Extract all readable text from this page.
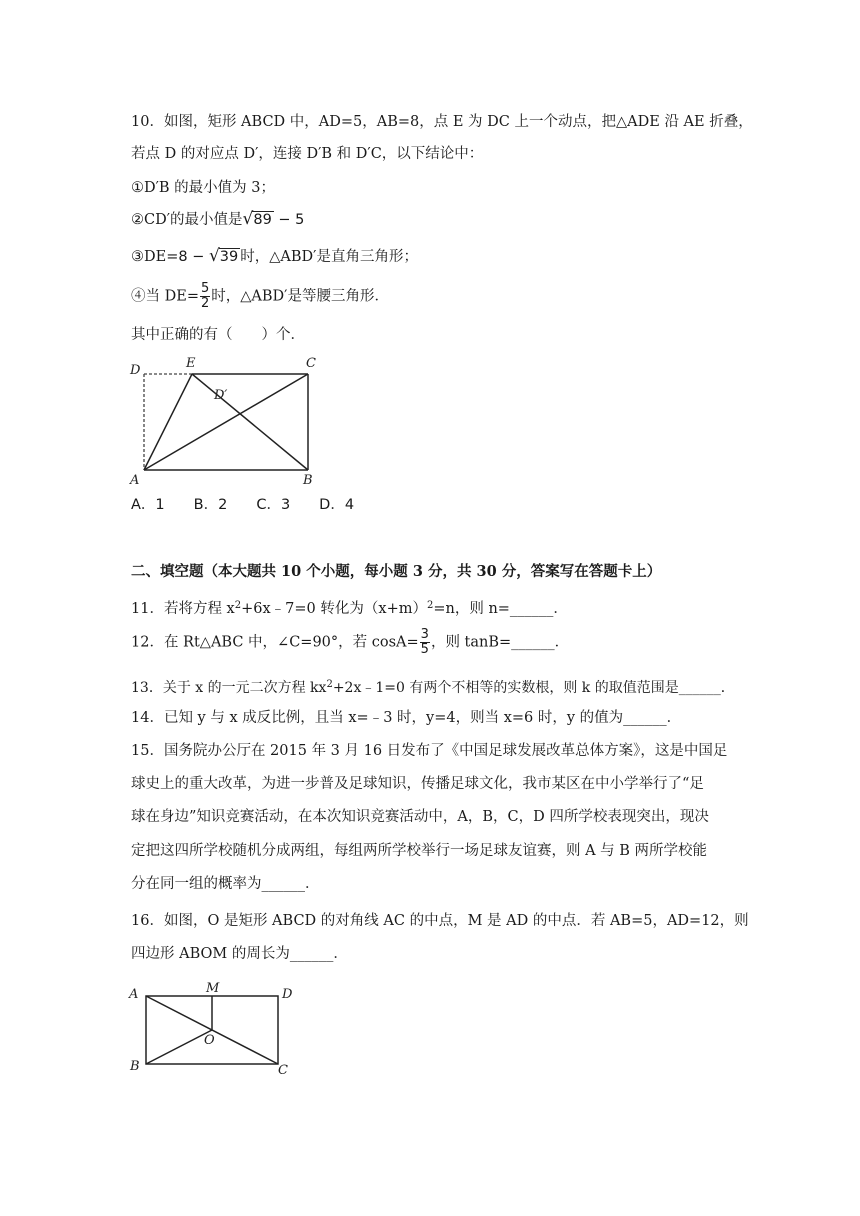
10．如图，矩形 ABCD 中，AD=5，AB=8，点 E 为 DC 上一个动点，把△ADE 沿 AE 折叠，
若点 D 的对应点 D′，连接 D′B 和 D′C，以下结论中：
①D′B 的最小值为 3；
②CD′的最小值是√89 − 5
③DE=8 − √39 时，△ABD′是直角三角形；
④当 $DE= \frac{5}{2}$ 时，△ABD′是等腰三角形．
其中正确的有（　　）个．
D	E	C
D′
A	B
A．1　　B．2　　C．3　　D．4
二、填空题（本大题共 10 个小题，每小题 3 分，共 30 分，答案写在答题卡上）
11．若将方程 $x^2+6x﹣7=0$ 转化为$(x+m)^2=n$，则 n=______．
12．在 Rt△ABC 中，∠C=90°，若 $\cos A= \frac{3}{5}$ ，则 tanB=______．
13．关于 x 的一元二次方程 $kx^2+2x﹣1=0$ 有两个不相等的实数根，则 k 的取值范围是______．
14．已知 y 与 x 成反比例，且当 x=﹣3 时，y=4，则当 x=6 时，y 的值为______．
15．国务院办公厅在 2015 年 3 月 16 日发布了《中国足球发展改革总体方案》，这是中国足
球史上的重大改革，为进一步普及足球知识，传播足球文化，我市某区在中小学举行了“足
球在身边”知识竞赛活动，在本次知识竞赛活动中，A，B，C，D 四所学校表现突出，现决
定把这四所学校随机分成两组，每组两所学校举行一场足球友谊赛，则 A 与 B 两所学校能
分在同一组的概率为______．
16．如图，O 是矩形 ABCD 的对角线 AC 的中点，M 是 AD 的中点．若 AB=5，AD=12，则
四边形 ABOM 的周长为______．
A	M	D
O
B	C
